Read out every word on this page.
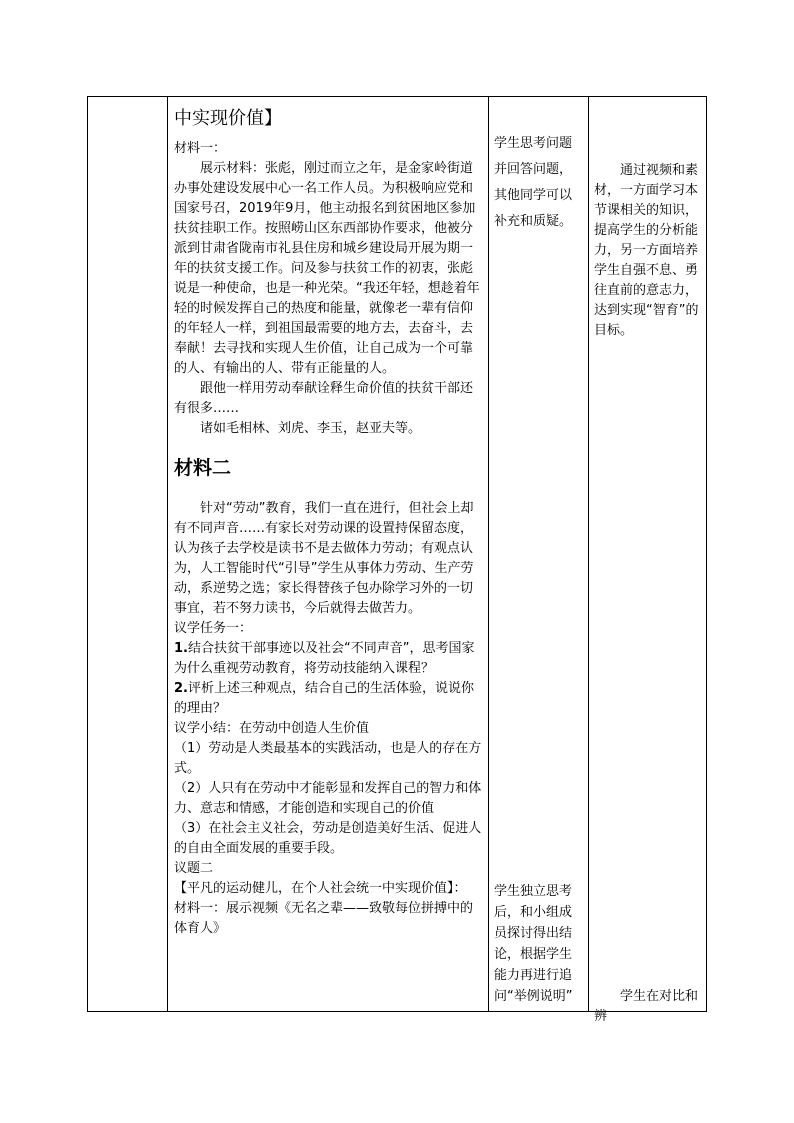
中实现价值】

材料一：

展示材料：张彪，刚过而立之年，是金家岭街道办事处建设发展中心一名工作人员。为积极响应党和国家号召，2019年9月，他主动报名到贫困地区参加扶贫挂职工作。按照崂山区东西部协作要求，他被分派到甘肃省陇南市礼县住房和城乡建设局开展为期一年的扶贫支援工作。问及参与扶贫工作的初衷，张彪说是一种使命，也是一种光荣。“我还年轻，想趁着年轻的时候发挥自己的热度和能量，就像老一辈有信仰的年轻人一样，到祖国最需要的地方去，去奋斗，去奉献！去寻找和实现人生价值，让自己成为一个可靠的人、有输出的人、带有正能量的人。

跟他一样用劳动奉献诠释生命价值的扶贫干部还有很多……

诸如毛相林、刘虎、李玉，赵亚夫等。

材料二

针对“劳动”教育，我们一直在进行，但社会上却有不同声音……有家长对劳动课的设置持保留态度，认为孩子去学校是读书不是去做体力劳动；有观点认为，人工智能时代“引导”学生从事体力劳动、生产劳动，系逆势之选；家长得替孩子包办除学习外的一切事宜，若不努力读书，今后就得去做苦力。

议学任务一：

1.结合扶贫干部事迹以及社会“不同声音”，思考国家为什么重视劳动教育，将劳动技能纳入课程？

2.评析上述三种观点，结合自己的生活体验，说说你的理由？

议学小结：在劳动中创造人生价值

（1）劳动是人类最基本的实践活动，也是人的存在方式。

（2）人只有在劳动中才能彰显和发挥自己的智力和体力、意志和情感，才能创造和实现自己的价值

（3）在社会主义社会，劳动是创造美好生活、促进人的自由全面发展的重要手段。

议题二

【平凡的运动健儿，在个人社会统一中实现价值】：

材料一：展示视频《无名之辈——致敬每位拼搏中的体育人》

学生思考问题并回答问题，其他同学可以补充和质疑。

学生独立思考后，和小组成员探讨得出结论，根据学生能力再进行追问“举例说明”

通过视频和素材，一方面学习本节课相关的知识，提高学生的分析能力，另一方面培养学生自强不息、勇往直前的意志力，达到实现“智育”的目标。

学生在对比和辨
